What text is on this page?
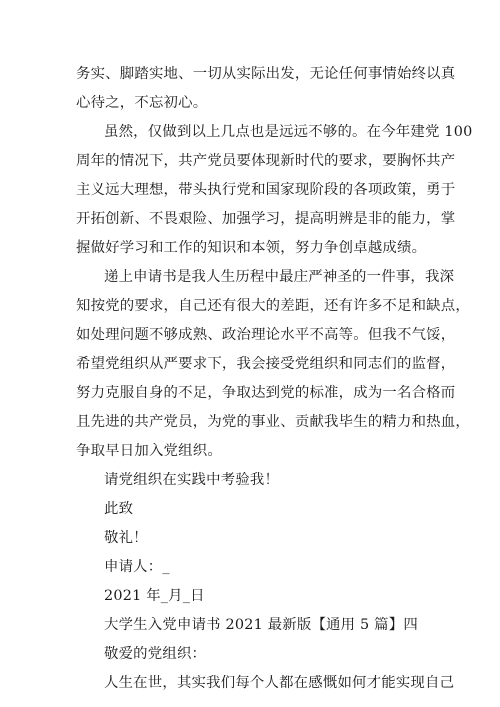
务实、脚踏实地、一切从实际出发，无论任何事情始终以真
心待之，不忘初心。
虽然，仅做到以上几点也是远远不够的。在今年建党 100
周年的情况下，共产党员要体现新时代的要求，要胸怀共产
主义远大理想，带头执行党和国家现阶段的各项政策，勇于
开拓创新、不畏艰险、加强学习，提高明辨是非的能力，掌
握做好学习和工作的知识和本领，努力争创卓越成绩。
递上申请书是我人生历程中最庄严神圣的一件事，我深
知按党的要求，自己还有很大的差距，还有许多不足和缺点，
如处理问题不够成熟、政治理论水平不高等。但我不气馁，
希望党组织从严要求下，我会接受党组织和同志们的监督，
努力克服自身的不足，争取达到党的标准，成为一名合格而
且先进的共产党员，为党的事业、贡献我毕生的精力和热血，
争取早日加入党组织。
请党组织在实践中考验我！
此致
敬礼！
申请人：_
2021 年_月_日
大学生入党申请书 2021 最新版【通用 5 篇】四
敬爱的党组织：
人生在世，其实我们每个人都在感慨如何才能实现自己
